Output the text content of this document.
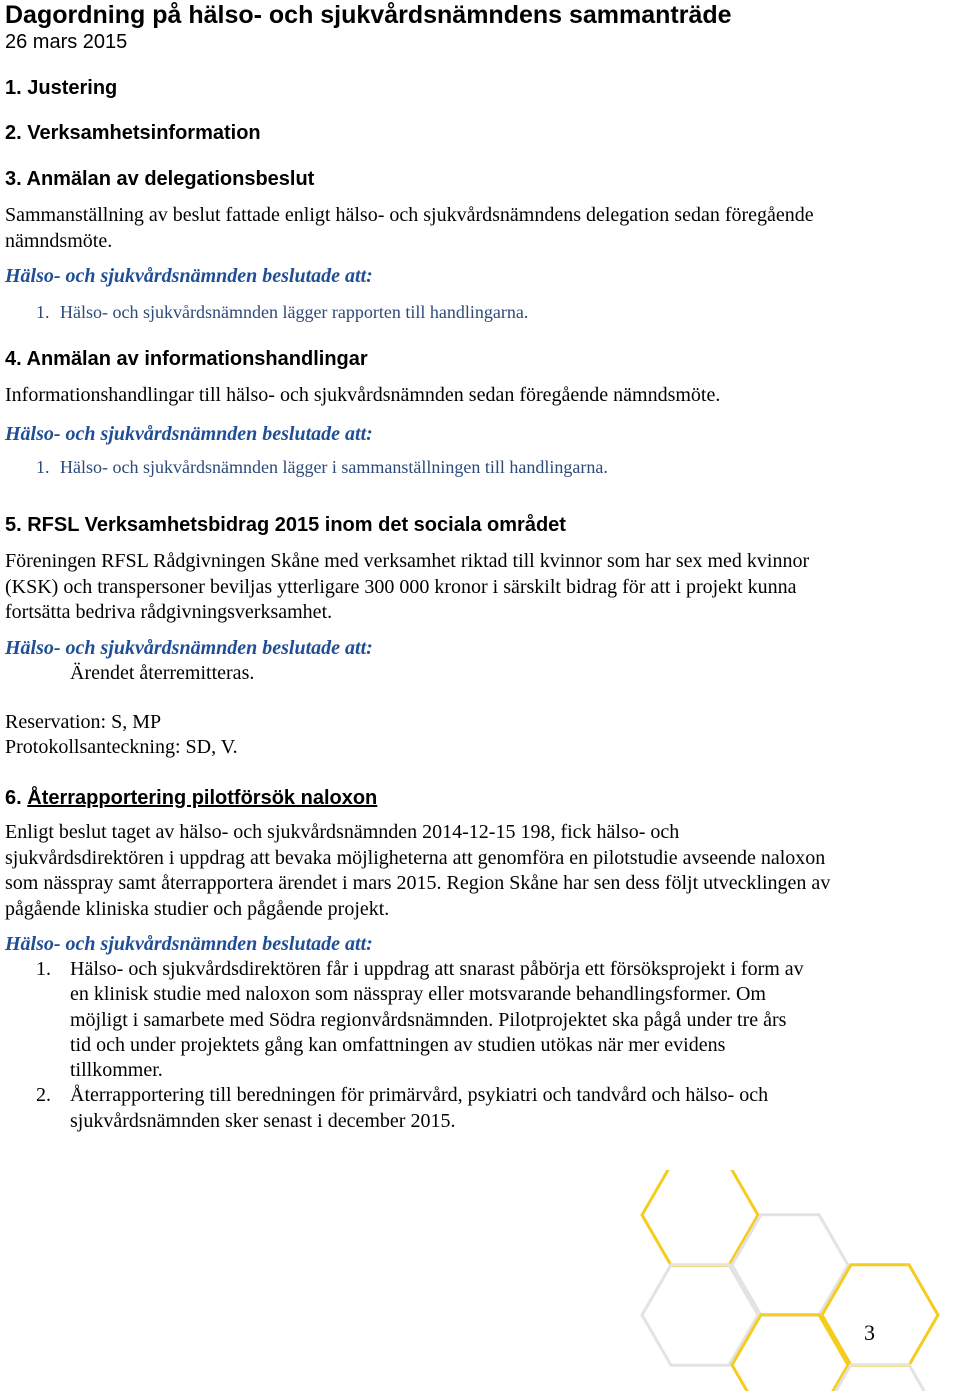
Dagordning på hälso- och sjukvårdsnämndens sammanträde
26 mars 2015
1. Justering
2. Verksamhetsinformation
3. Anmälan av delegationsbeslut
Sammanställning av beslut fattade enligt hälso- och sjukvårdsnämndens delegation sedan föregående nämndsmöte.
Hälso- och sjukvårdsnämnden beslutade att:
1. Hälso- och sjukvårdsnämnden lägger rapporten till handlingarna.
4. Anmälan av informationshandlingar
Informationshandlingar till hälso- och sjukvårdsnämnden sedan föregående nämndsmöte.
Hälso- och sjukvårdsnämnden beslutade att:
1. Hälso- och sjukvårdsnämnden lägger i sammanställningen till handlingarna.
5. RFSL Verksamhetsbidrag 2015 inom det sociala området
Föreningen RFSL Rådgivningen Skåne med verksamhet riktad till kvinnor som har sex med kvinnor (KSK) och transpersoner beviljas ytterligare 300 000 kronor i särskilt bidrag för att i projekt kunna fortsätta bedriva rådgivningsverksamhet.
Hälso- och sjukvårdsnämnden beslutade att:
Ärendet återremitteras.
Reservation: S, MP
Protokollsanteckning: SD, V.
6. Återrapportering pilotförsök naloxon
Enligt beslut taget av hälso- och sjukvårdsnämnden 2014-12-15 198, fick hälso- och sjukvårdsdirektören i uppdrag att bevaka möjligheterna att genomföra en pilotstudie avseende naloxon som nässpray samt återrapportera ärendet i mars 2015. Region Skåne har sen dess följt utvecklingen av pågående kliniska studier och pågående projekt.
Hälso- och sjukvårdsnämnden beslutade att:
1. Hälso- och sjukvårdsdirektören får i uppdrag att snarast påbörja ett försöksprojekt i form av en klinisk studie med naloxon som nässpray eller motsvarande behandlingsformer. Om möjligt i samarbete med Södra regionvårdsnämnden. Pilotprojektet ska pågå under tre års tid och under projektets gång kan omfattningen av studien utökas när mer evidens tillkommer.
2. Återrapportering till beredningen för primärvård, psykiatri och tandvård och hälso- och sjukvårdsnämnden sker senast i december 2015.
3
